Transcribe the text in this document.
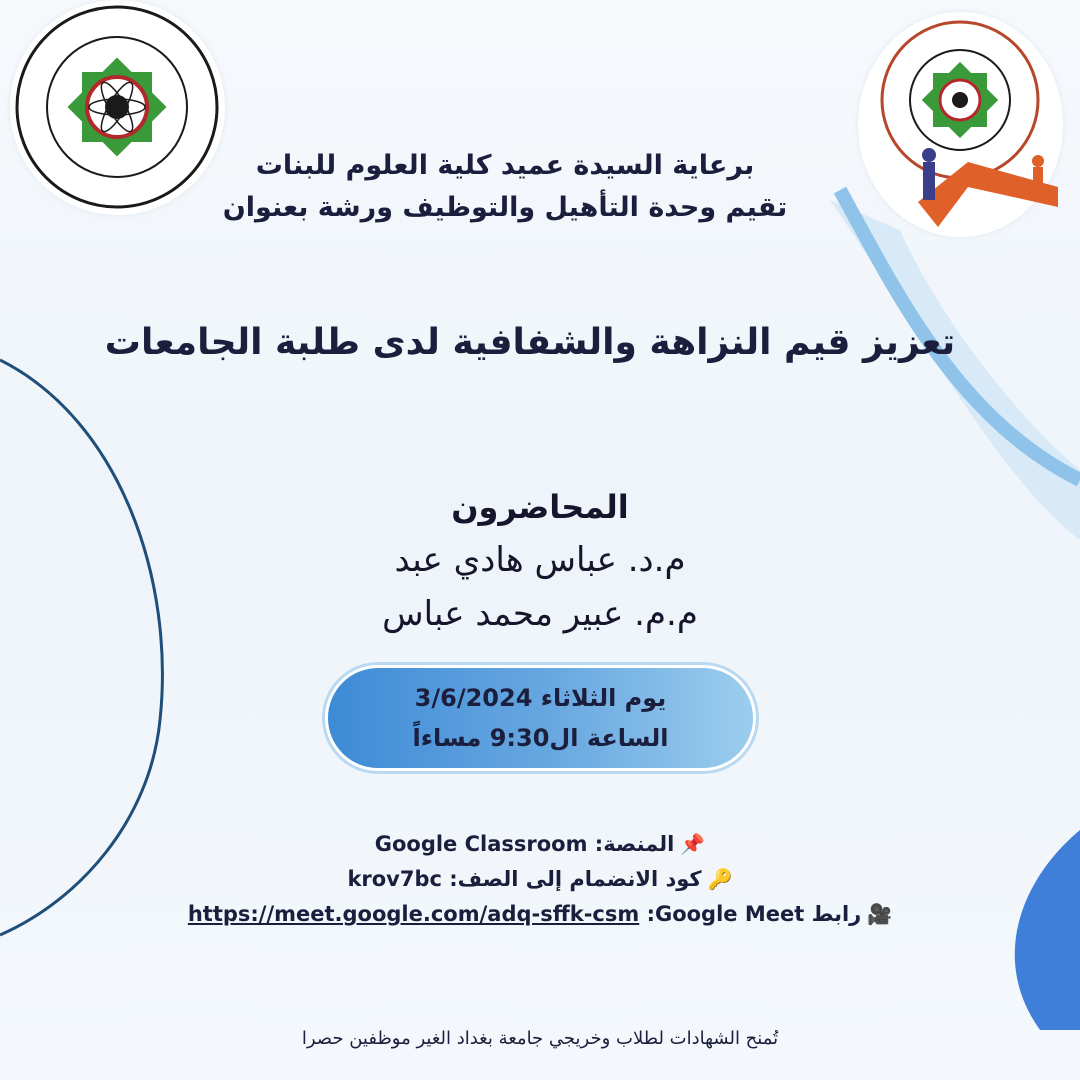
برعاية السيدة عميد كلية العلوم للبنات
تقيم وحدة التأهيل والتوظيف ورشة بعنوان
تعزيز قيم النزاهة والشفافية لدى طلبة الجامعات
المحاضرون
م.د. عباس هادي عبد
م.م. عبير محمد عباس
يوم الثلاثاء 3/6/2024
الساعة ال9:30 مساءاً
📌المنصة: Google Classroom
🔑كود الانضمام إلى الصف: krov7bc
🎥رابط Google Meet: https://meet.google.com/adq-sffk-csm
تُمنح الشهادات لطلاب وخريجي جامعة بغداد الغير موظفين حصرا
